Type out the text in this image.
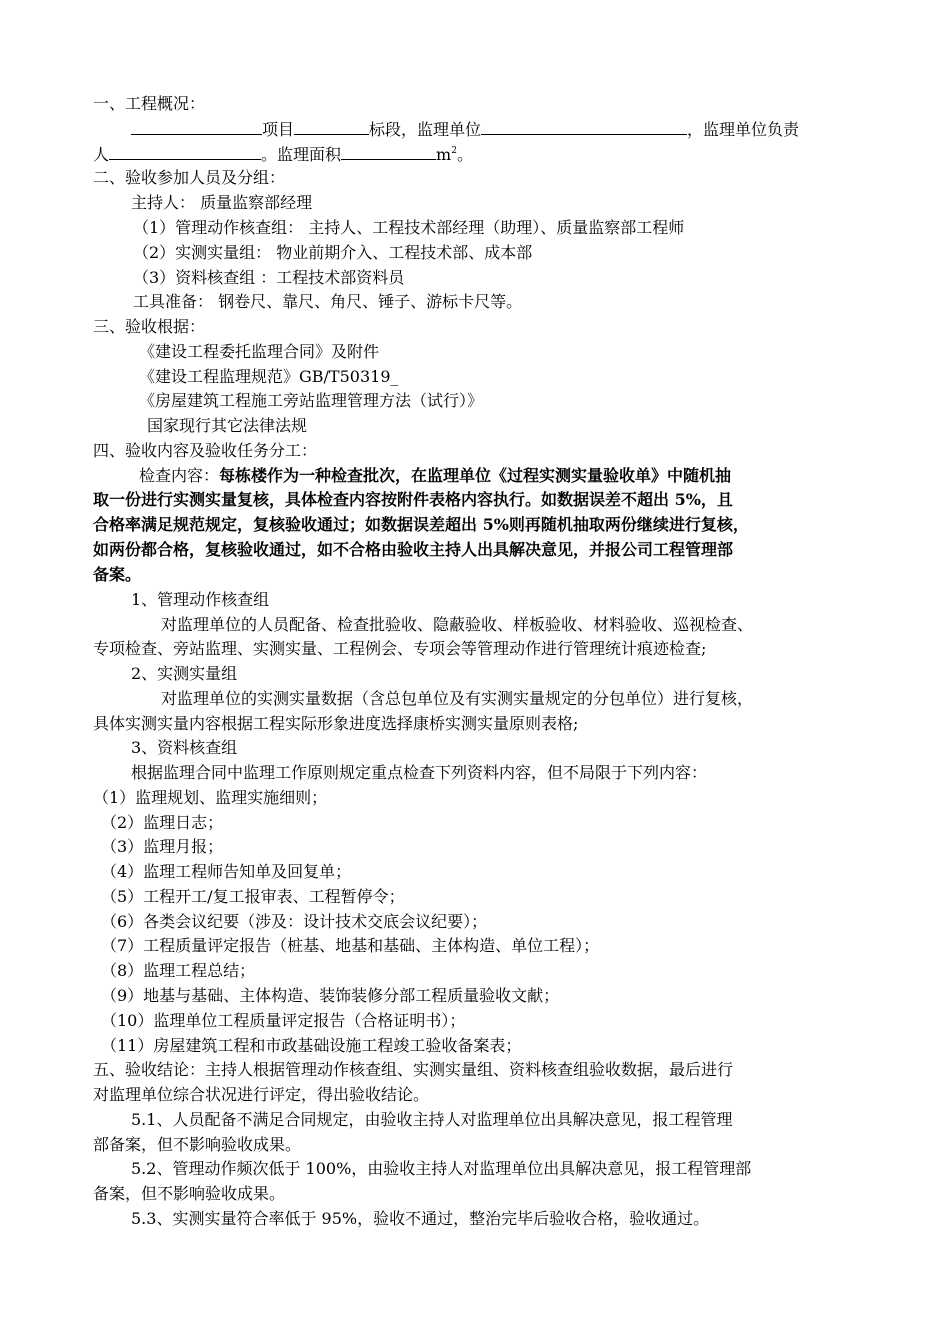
一、工程概况：
项目	标段，监理单位	，监理单位负责
人	。监理面积	$m^2$。
二、验收参加人员及分组：
主持人： 质量监察部经理
（1）管理动作核查组： 主持人、工程技术部经理（助理）、质量监察部工程师
（2）实测实量组： 物业前期介入、工程技术部、成本部
（3）资料核查组 ：工程技术部资料员
工具准备： 钢卷尺、靠尺、角尺、锤子、游标卡尺等。
三、验收根据：
《建设工程委托监理合同》及附件
《建设工程监理规范》GB/T50319_
《房屋建筑工程施工旁站监理管理方法（试行）》
国家现行其它法律法规
四、验收内容及验收任务分工：
检查内容：每栋楼作为一种检查批次，在监理单位《过程实测实量验收单》中随机抽
取一份进行实测实量复核，具体检查内容按附件表格内容执行。如数据误差不超出 5%，且
合格率满足规范规定，复核验收通过；如数据误差超出 5%则再随机抽取两份继续进行复核，
如两份都合格，复核验收通过，如不合格由验收主持人出具解决意见，并报公司工程管理部
备案。
1、管理动作核查组
对监理单位的人员配备、检查批验收、隐蔽验收、样板验收、材料验收、巡视检查、
专项检查、旁站监理、实测实量、工程例会、专项会等管理动作进行管理统计痕迹检查;
2、实测实量组
对监理单位的实测实量数据（含总包单位及有实测实量规定的分包单位）进行复核，
具体实测实量内容根据工程实际形象进度选择康桥实测实量原则表格;
3、资料核查组
根据监理合同中监理工作原则规定重点检查下列资料内容，但不局限于下列内容：
（1）监理规划、监理实施细则；
（2）监理日志；
（3）监理月报；
（4）监理工程师告知单及回复单；
（5）工程开工/复工报审表、工程暂停令；
（6）各类会议纪要（涉及：设计技术交底会议纪要）；
（7）工程质量评定报告（桩基、地基和基础、主体构造、单位工程）；
（8）监理工程总结；
（9）地基与基础、主体构造、装饰装修分部工程质量验收文献；
（10）监理单位工程质量评定报告（合格证明书）；
（11）房屋建筑工程和市政基础设施工程竣工验收备案表；
五、验收结论：主持人根据管理动作核查组、实测实量组、资料核查组验收数据，最后进行
对监理单位综合状况进行评定，得出验收结论。
5.1、人员配备不满足合同规定，由验收主持人对监理单位出具解决意见，报工程管理
部备案，但不影响验收成果。
5.2、管理动作频次低于 100%，由验收主持人对监理单位出具解决意见，报工程管理部
备案，但不影响验收成果。
5.3、实测实量符合率低于 95%，验收不通过，整治完毕后验收合格，验收通过。
